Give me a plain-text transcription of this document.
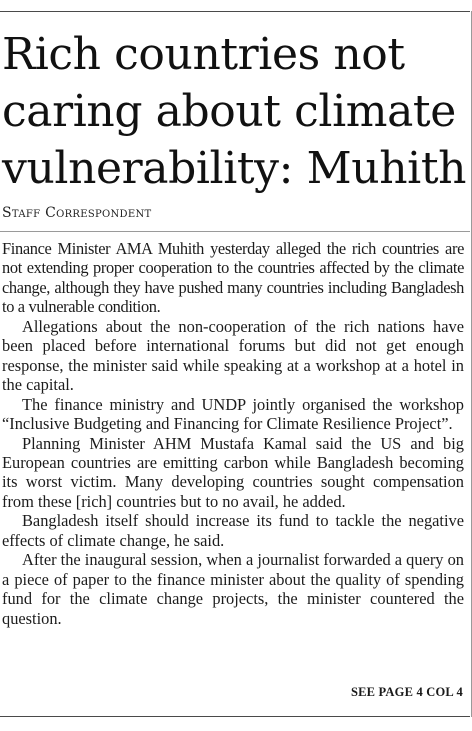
Rich countries not caring about climate vulnerability: Muhith
Staff Correspondent

Finance Minister AMA Muhith yesterday alleged the rich countries are not extending proper cooperation to the countries affected by the climate change, although they have pushed many countries including Bangladesh to a vulnerable condition.

Allegations about the non-cooperation of the rich nations have been placed before international forums but did not get enough response, the minister said while speaking at a workshop at a hotel in the capital.

The finance ministry and UNDP jointly organised the workshop “Inclusive Budgeting and Financing for Climate Resilience Project”.

Planning Minister AHM Mustafa Kamal said the US and big European countries are emitting carbon while Bangladesh becoming its worst victim. Many developing countries sought compensation from these [rich] countries but to no avail, he added.

Bangladesh itself should increase its fund to tackle the negative effects of climate change, he said.

After the inaugural session, when a journalist forwarded a query on a piece of paper to the finance minister about the quality of spending fund for the climate change projects, the minister countered the question.

SEE PAGE 4 COL 4
